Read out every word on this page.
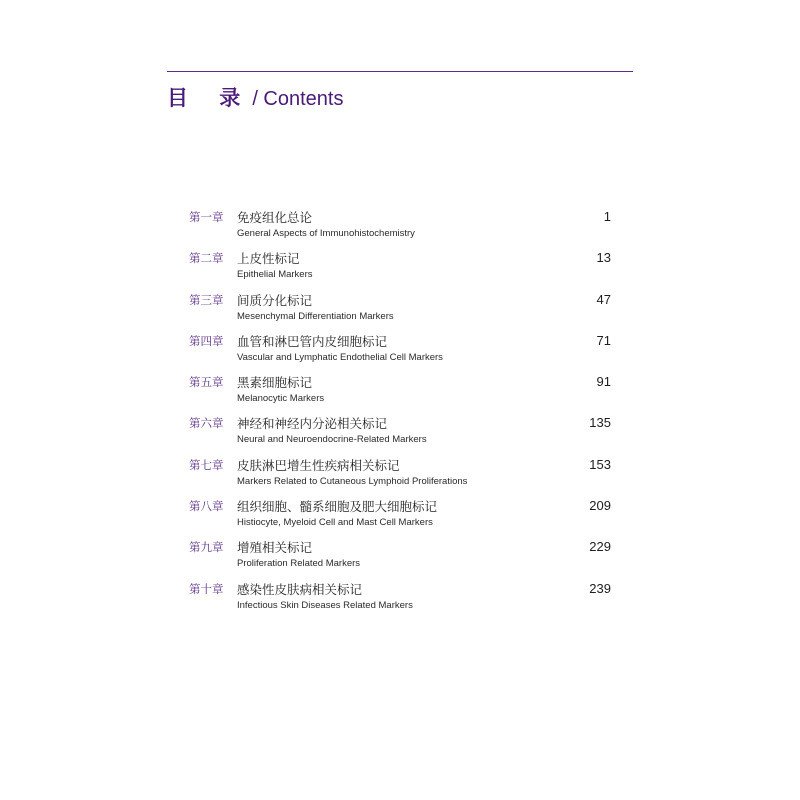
目 录 / Contents
第一章 免疫组化总论
General Aspects of Immunohistochemistry
1
第二章 上皮性标记
Epithelial Markers
13
第三章 间质分化标记
Mesenchymal Differentiation Markers
47
第四章 血管和淋巴管内皮细胞标记
Vascular and Lymphatic Endothelial Cell Markers
71
第五章 黑素细胞标记
Melanocytic Markers
91
第六章 神经和神经内分泌相关标记
Neural and Neuroendocrine-Related Markers
135
第七章 皮肤淋巴增生性疾病相关标记
Markers Related to Cutaneous Lymphoid Proliferations
153
第八章 组织细胞、髓系细胞及肥大细胞标记
Histiocyte, Myeloid Cell and Mast Cell Markers
209
第九章 增殖相关标记
Proliferation Related Markers
229
第十章 感染性皮肤病相关标记
Infectious Skin Diseases Related Markers
239
